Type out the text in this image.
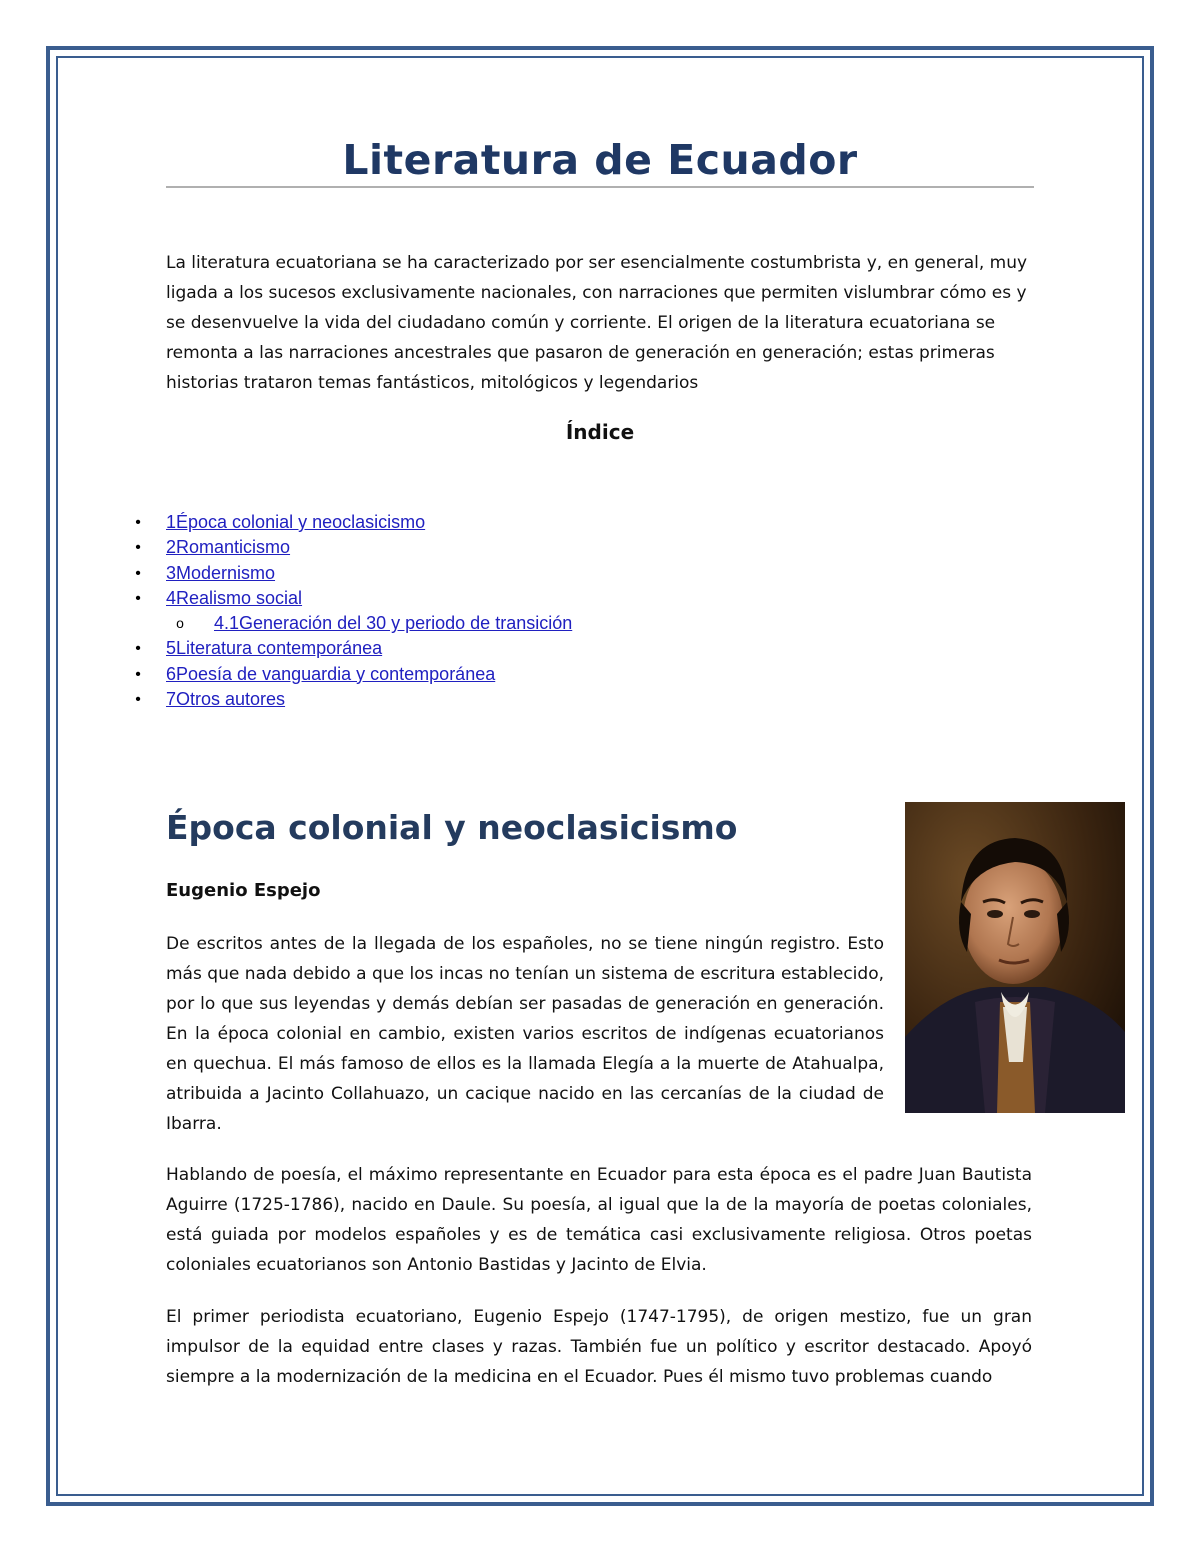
Literatura de Ecuador

La literatura ecuatoriana se ha caracterizado por ser esencialmente costumbrista y, en general, muy ligada a los sucesos exclusivamente nacionales, con narraciones que permiten vislumbrar cómo es y se desenvuelve la vida del ciudadano común y corriente. El origen de la literatura ecuatoriana se remonta a las narraciones ancestrales que pasaron de generación en generación; estas primeras historias trataron temas fantásticos, mitológicos y legendarios

Índice
•	1Época colonial y neoclasicismo
•	2Romanticismo
•	3Modernismo
•	4Realismo social
o	4.1Generación del 30 y periodo de transición
•	5Literatura contemporánea
•	6Poesía de vanguardia y contemporánea
•	7Otros autores
Época colonial y neoclasicismo
Eugenio Espejo

De escritos antes de la llegada de los españoles, no se tiene ningún registro. Esto más que nada debido a que los incas no tenían un sistema de escritura establecido, por lo que sus leyendas y demás debían ser pasadas de generación en generación. En la época colonial en cambio, existen varios escritos de indígenas ecuatorianos en quechua. El más famoso de ellos es la llamada Elegía a la muerte de Atahualpa, atribuida a Jacinto Collahuazo, un cacique nacido en las cercanías de la ciudad de Ibarra.

Hablando de poesía, el máximo representante en Ecuador para esta época es el padre Juan Bautista Aguirre (1725-1786), nacido en Daule. Su poesía, al igual que la de la mayoría de poetas coloniales, está guiada por modelos españoles y es de temática casi exclusivamente religiosa. Otros poetas coloniales ecuatorianos son Antonio Bastidas y Jacinto de Elvia.

El primer periodista ecuatoriano, Eugenio Espejo (1747-1795), de origen mestizo, fue un gran impulsor de la equidad entre clases y razas. También fue un político y escritor destacado. Apoyó siempre a la modernización de la medicina en el Ecuador. Pues él mismo tuvo problemas cuando
